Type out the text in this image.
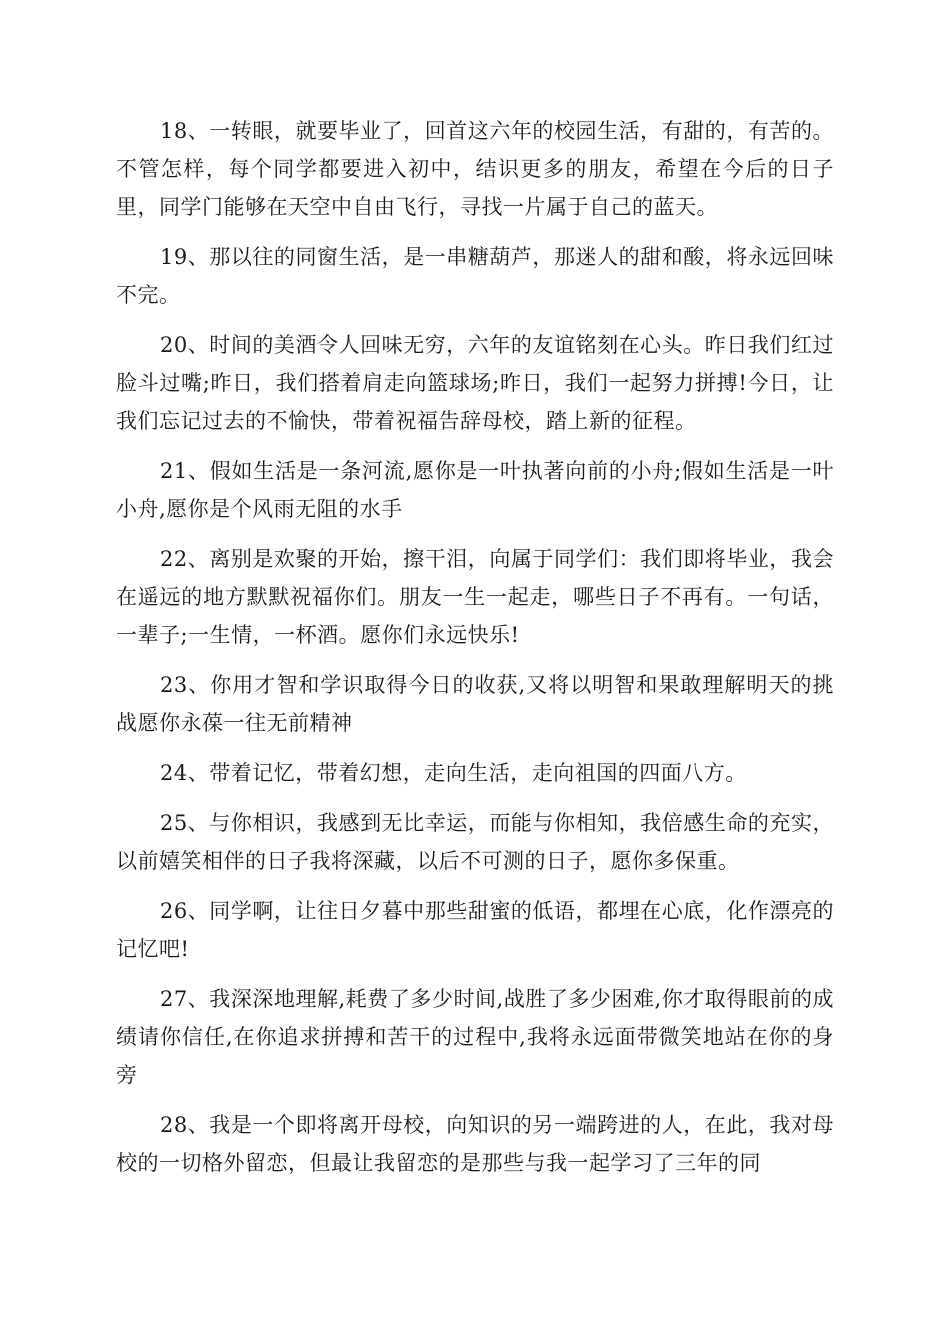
18、一转眼，就要毕业了，回首这六年的校园生活，有甜的，有苦的。不管怎样，每个同学都要进入初中，结识更多的朋友，希望在今后的日子里，同学门能够在天空中自由飞行，寻找一片属于自己的蓝天。

19、那以往的同窗生活，是一串糖葫芦，那迷人的甜和酸，将永远回味不完。

20、时间的美酒令人回味无穷，六年的友谊铭刻在心头。昨日我们红过脸斗过嘴;昨日，我们搭着肩走向篮球场;昨日，我们一起努力拼搏!今日，让我们忘记过去的不愉快，带着祝福告辞母校，踏上新的征程。

21、假如生活是一条河流,愿你是一叶执著向前的小舟;假如生活是一叶小舟,愿你是个风雨无阻的水手

22、离别是欢聚的开始，擦干泪，向属于同学们：我们即将毕业，我会在遥远的地方默默祝福你们。朋友一生一起走，哪些日子不再有。一句话，一辈子;一生情，一杯酒。愿你们永远快乐!

23、你用才智和学识取得今日的收获,又将以明智和果敢理解明天的挑战愿你永葆一往无前精神

24、带着记忆，带着幻想，走向生活，走向祖国的四面八方。

25、与你相识，我感到无比幸运，而能与你相知，我倍感生命的充实，以前嬉笑相伴的日子我将深藏，以后不可测的日子，愿你多保重。

26、同学啊，让往日夕暮中那些甜蜜的低语，都埋在心底，化作漂亮的记忆吧!

27、我深深地理解,耗费了多少时间,战胜了多少困难,你才取得眼前的成绩请你信任,在你追求拼搏和苦干的过程中,我将永远面带微笑地站在你的身旁

28、我是一个即将离开母校，向知识的另一端跨进的人，在此，我对母校的一切格外留恋，但最让我留恋的是那些与我一起学习了三年的同
